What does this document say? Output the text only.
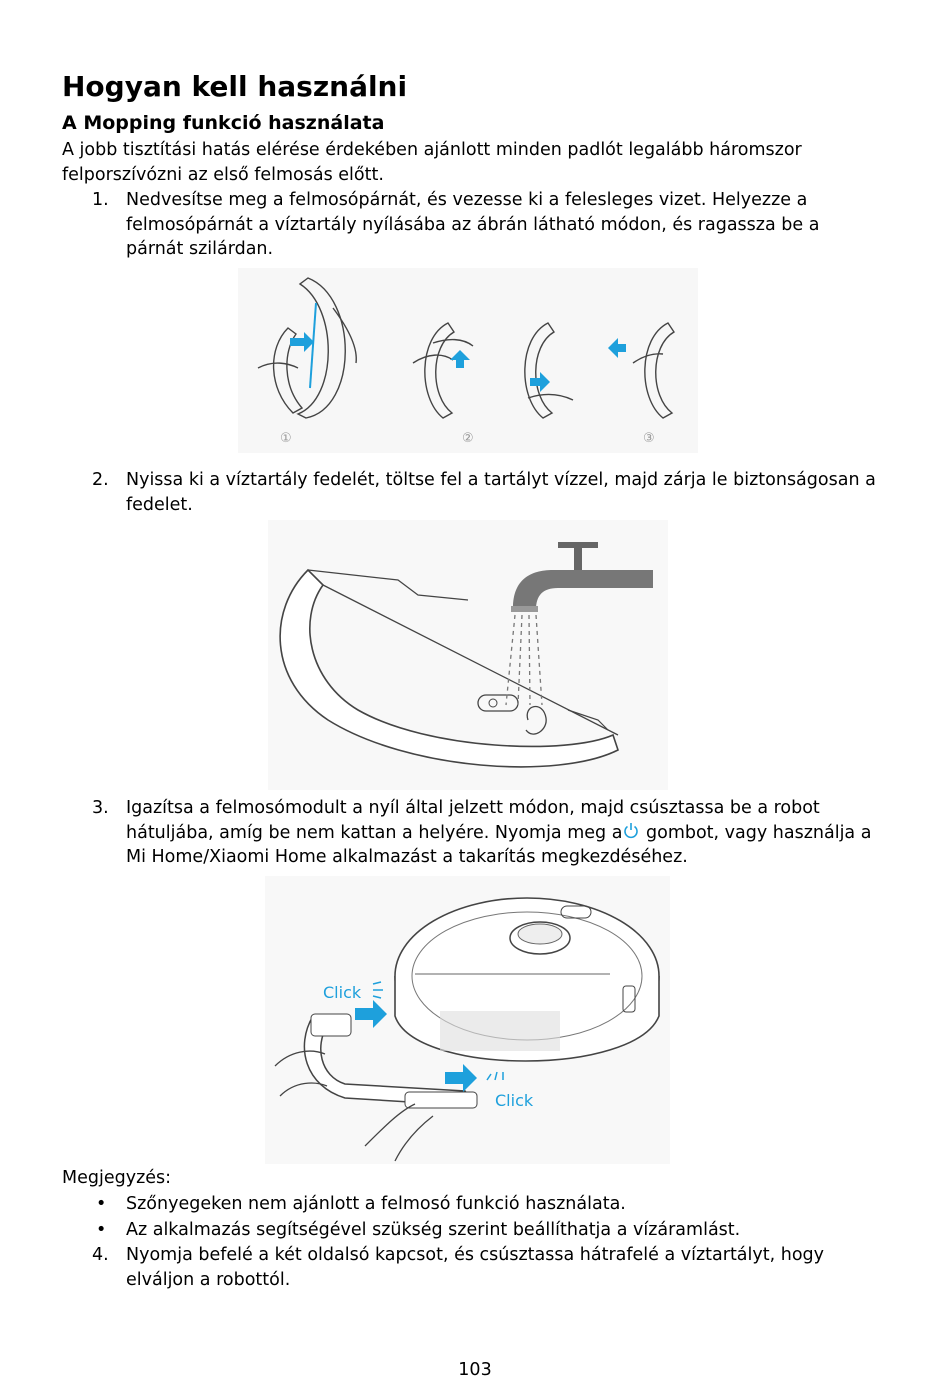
Hogyan kell használni
A Mopping funkció használata

A jobb tisztítási hatás elérése érdekében ajánlott minden padlót legalább háromszor felporszívózni az első felmosás előtt.

1. Nedvesítse meg a felmosópárnát, és vezesse ki a felesleges vizet. Helyezze a felmosópárnát a víztartály nyílásába az ábrán látható módon, és ragassza be a párnát szilárdan.
①	②	③
2. Nyissa ki a víztartály fedelét, töltse fel a tartályt vízzel, majd zárja le biztonságosan a fedelet.
3. Igazítsa a felmosómodult a nyíl által jelzett módon, majd csúsztassa be a robot hátuljába, amíg be nem kattan a helyére. Nyomja meg a gombot, vagy használja a Mi Home/Xiaomi Home alkalmazást a takarítás megkezdéséhez.
Click
Click

Megjegyzés:

•	Szőnyegeken nem ajánlott a felmosó funkció használata.
•	Az alkalmazás segítségével szükség szerint beállíthatja a vízáramlást.
4. Nyomja befelé a két oldalsó kapcsot, és csúsztassa hátrafelé a víztartályt, hogy elváljon a robottól.
103
